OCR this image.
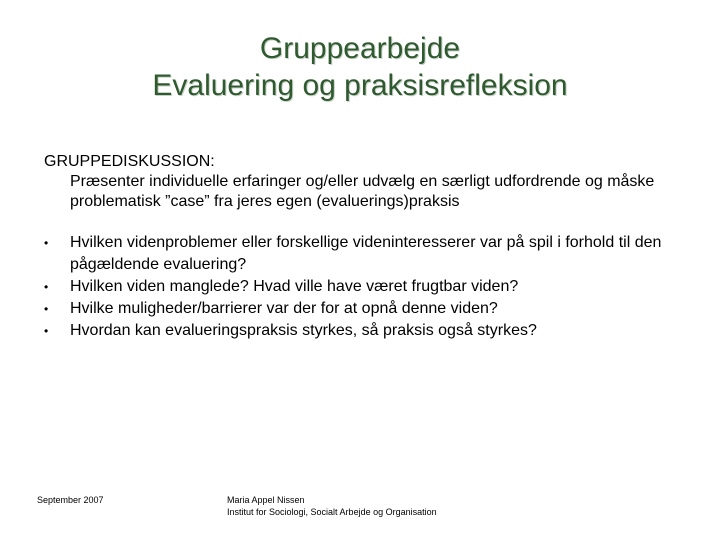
Gruppearbejde
Evaluering og praksisrefleksion
GRUPPEDISKUSSION:
Præsenter individuelle erfaringer og/eller udvælg en særligt udfordrende og måske problematisk ”case” fra jeres egen (evaluerings)praksis
• Hvilken videnproblemer eller forskellige videninteresserer var på spil i forhold til den pågældende evaluering?
• Hvilken viden manglede? Hvad ville have været frugtbar viden?
• Hvilke muligheder/barrierer var der for at opnå denne viden?
• Hvordan kan evalueringspraksis styrkes, så praksis også styrkes?
September 2007	Maria Appel Nissen
Institut for Sociologi, Socialt Arbejde og Organisation
